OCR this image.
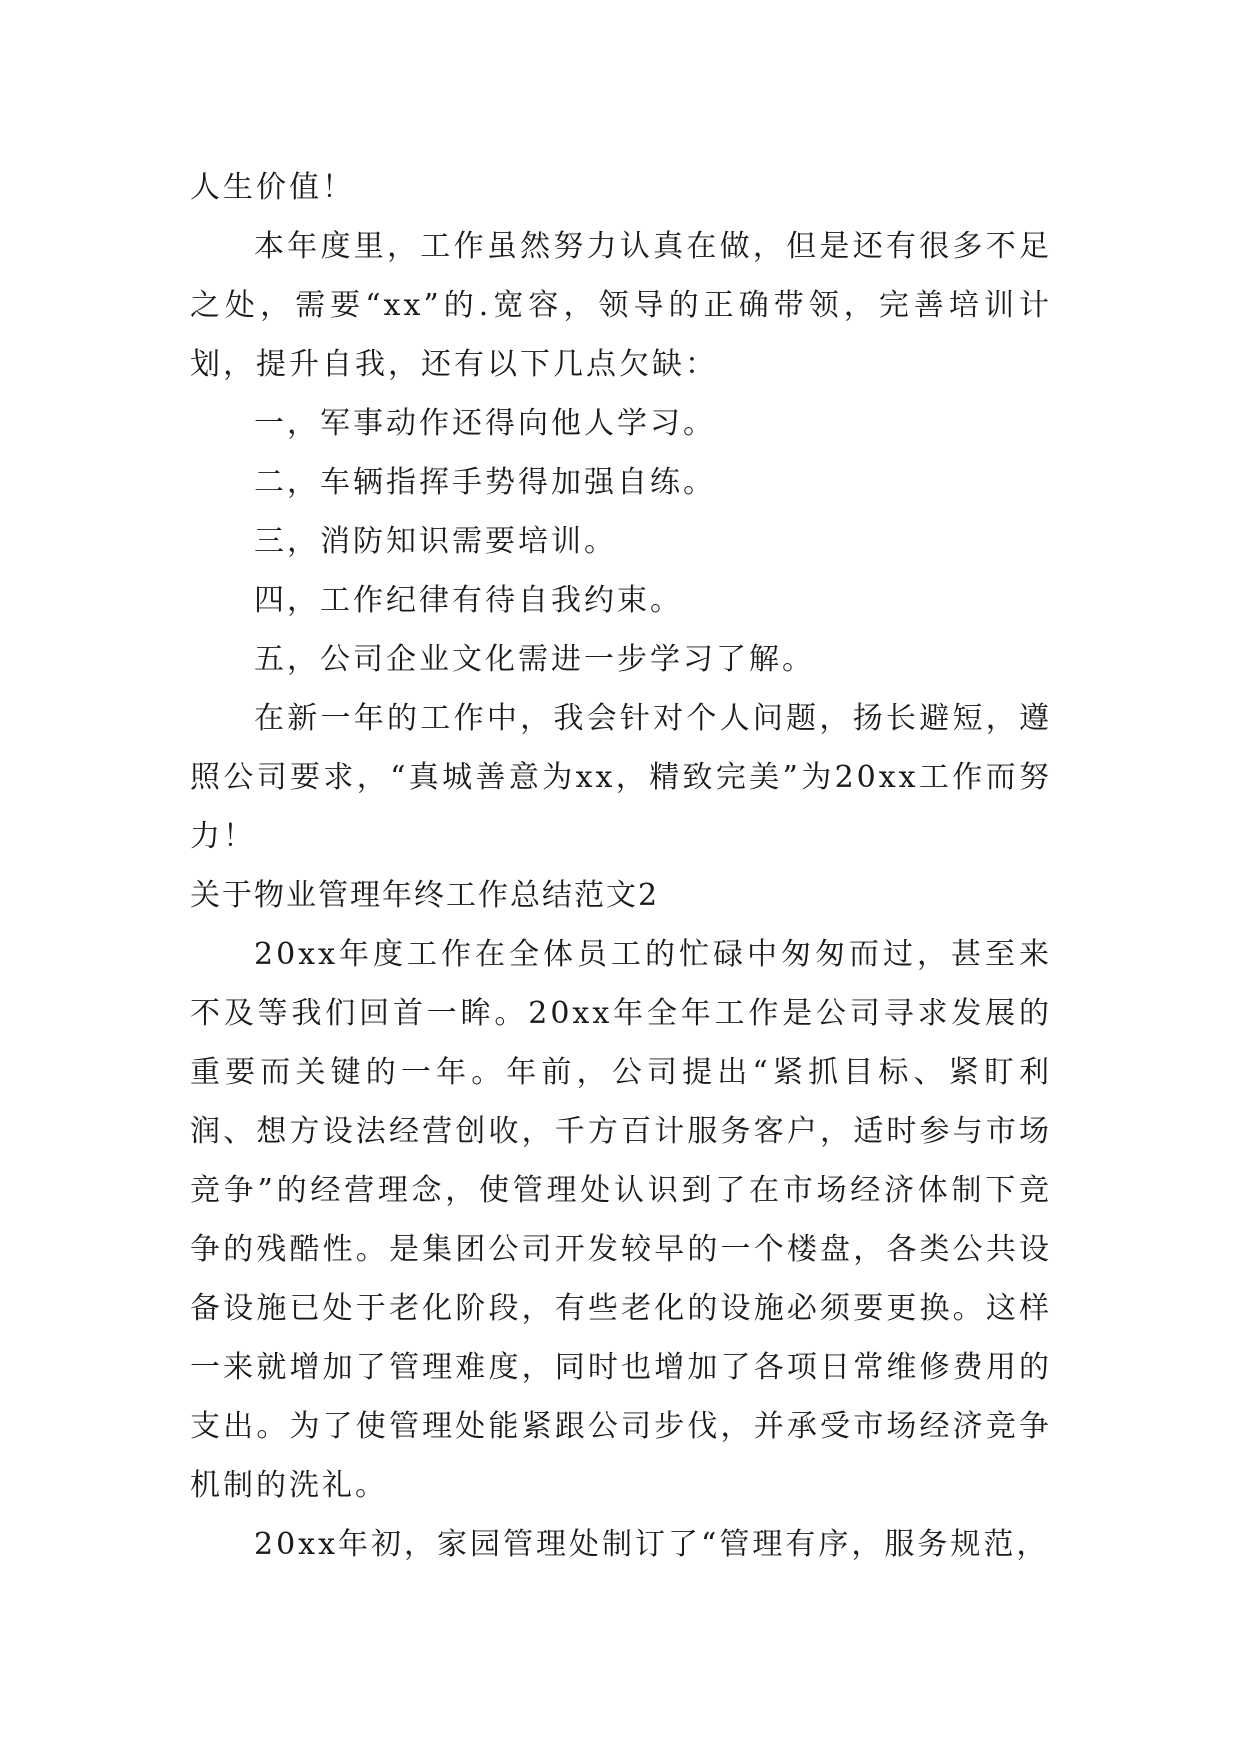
人生价值！

本年度里，工作虽然努力认真在做，但是还有很多不足之处，需要“xx”的.宽容，领导的正确带领，完善培训计划，提升自我，还有以下几点欠缺：

一，军事动作还得向他人学习。

二，车辆指挥手势得加强自练。

三，消防知识需要培训。

四，工作纪律有待自我约束。

五，公司企业文化需进一步学习了解。

在新一年的工作中，我会针对个人问题，扬长避短，遵照公司要求，“真城善意为xx，精致完美”为20xx工作而努力！

关于物业管理年终工作总结范文2

20xx年度工作在全体员工的忙碌中匆匆而过，甚至来不及等我们回首一眸。20xx年全年工作是公司寻求发展的重要而关键的一年。年前，公司提出“紧抓目标、紧盯利润、想方设法经营创收，千方百计服务客户，适时参与市场竞争”的经营理念，使管理处认识到了在市场经济体制下竞争的残酷性。是集团公司开发较早的一个楼盘，各类公共设备设施已处于老化阶段，有些老化的设施必须要更换。这样一来就增加了管理难度，同时也增加了各项日常维修费用的支出。为了使管理处能紧跟公司步伐，并承受市场经济竞争机制的洗礼。

20xx年初，家园管理处制订了“管理有序，服务规范，
